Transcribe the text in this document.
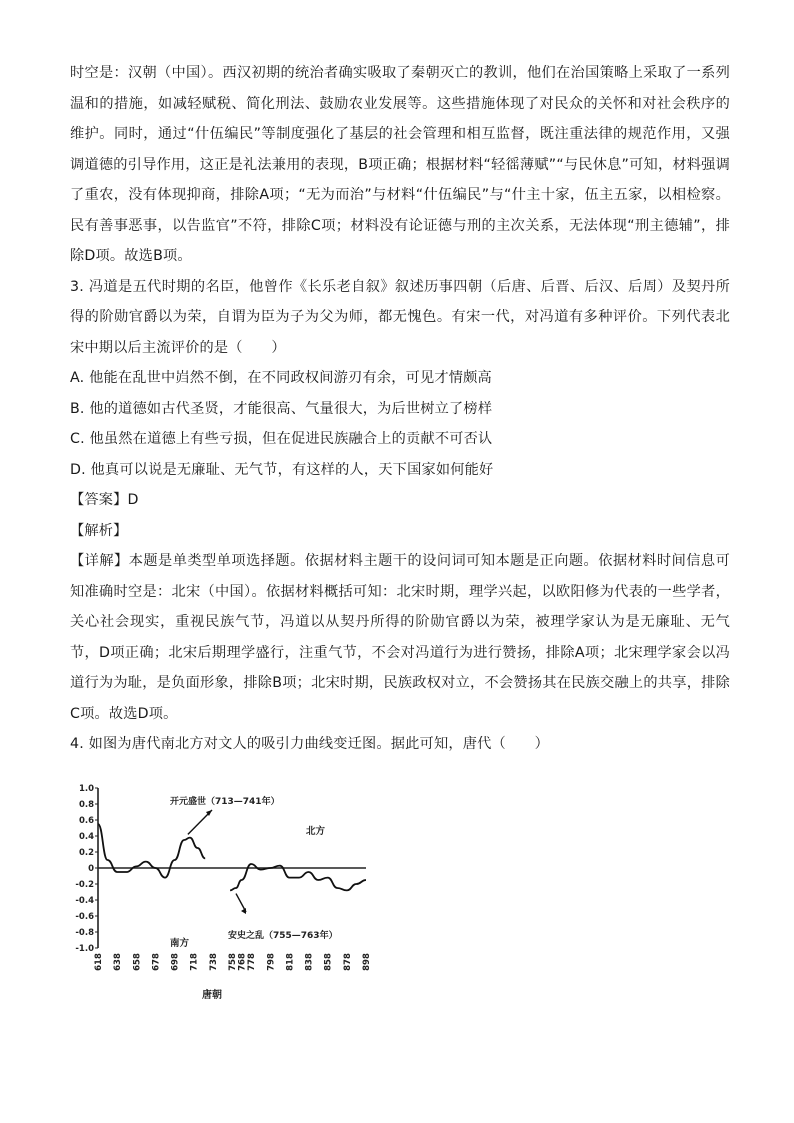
时空是：汉朝（中国）。西汉初期的统治者确实吸取了秦朝灭亡的教训，他们在治国策略上采取了一系列温和的措施，如减轻赋税、简化刑法、鼓励农业发展等。这些措施体现了对民众的关怀和对社会秩序的维护。同时，通过“什伍编民”等制度强化了基层的社会管理和相互监督，既注重法律的规范作用，又强调道德的引导作用，这正是礼法兼用的表现，B项正确；根据材料“轻徭薄赋”“与民休息”可知，材料强调了重农，没有体现抑商，排除A项；“无为而治”与材料“什伍编民”与“什主十家，伍主五家，以相检察。民有善事恶事，以告监官”不符，排除C项；材料没有论证德与刑的主次关系，无法体现“刑主德辅”，排除D项。故选B项。

3. 冯道是五代时期的名臣，他曾作《长乐老自叙》叙述历事四朝（后唐、后晋、后汉、后周）及契丹所得的阶勋官爵以为荣，自谓为臣为子为父为师，都无愧色。有宋一代，对冯道有多种评价。下列代表北宋中期以后主流评价的是（　　）

A. 他能在乱世中岿然不倒，在不同政权间游刃有余，可见才情颇高

B. 他的道德如古代圣贤，才能很高、气量很大，为后世树立了榜样

C. 他虽然在道德上有些亏损，但在促进民族融合上的贡献不可否认

D. 他真可以说是无廉耻、无气节，有这样的人，天下国家如何能好

【答案】D

【解析】

【详解】本题是单类型单项选择题。依据材料主题干的设问词可知本题是正向题。依据材料时间信息可知准确时空是：北宋（中国）。依据材料概括可知：北宋时期，理学兴起，以欧阳修为代表的一些学者，关心社会现实，重视民族气节，冯道以从契丹所得的阶勋官爵以为荣，被理学家认为是无廉耻、无气节，D项正确；北宋后期理学盛行，注重气节，不会对冯道行为进行赞扬，排除A项；北宋理学家会以冯道行为为耻，是负面形象，排除B项；北宋时期，民族政权对立，不会赞扬其在民族交融上的共享，排除C项。故选D项。

4. 如图为唐代南北方对文人的吸引力曲线变迁图。据此可知，唐代（　　）

1.0
0.8
0.6
0.4
0.2
0
-0.2
-0.4
-0.6
-0.8
-1.0
618 638 658 678 698 718 738 758 768 778 798 818 838 858 878 898
唐朝
开元盛世（713—741年）
安史之乱（755—763年）
北方
南方
